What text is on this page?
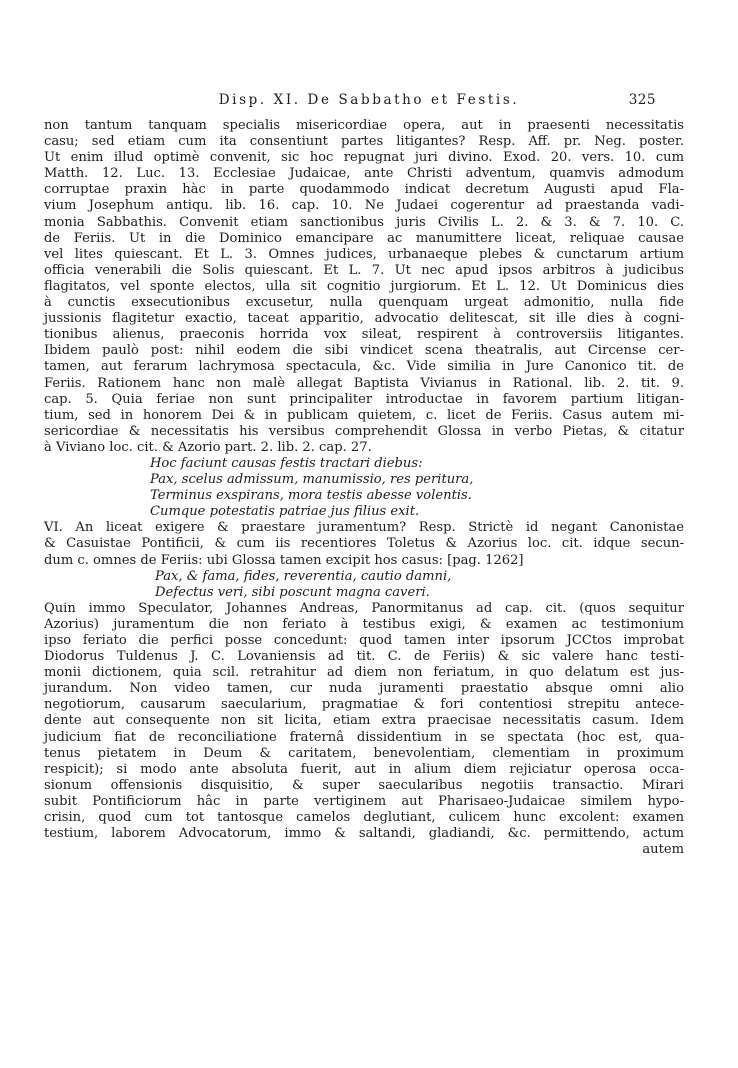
Disp. XI. De Sabbatho et Festis.	325
non tantum tanquam specialis misericordiae opera, aut in praesenti necessitatis
casu; sed etiam cum ita consentiunt partes litigantes? Resp. Aff. pr. Neg. poster.
Ut enim illud optimè convenit, sic hoc repugnat juri divino. Exod. 20. vers. 10. cum
Matth. 12. Luc. 13. Ecclesiae Judaicae, ante Christi adventum, quamvis admodum
corruptae praxin hàc in parte quodammodo indicat decretum Augusti apud Fla-
vium Josephum antiqu. lib. 16. cap. 10. Ne Judaei cogerentur ad praestanda vadi-
monia Sabbathis. Convenit etiam sanctionibus juris Civilis L. 2. & 3. & 7. 10. C.
de Feriis. Ut in die Dominico emancipare ac manumittere liceat, reliquae causae
vel lites quiescant. Et L. 3. Omnes judices, urbanaeque plebes & cunctarum artium
officia venerabili die Solis quiescant. Et L. 7. Ut nec apud ipsos arbitros à judicibus
flagitatos, vel sponte electos, ulla sit cognitio jurgiorum. Et L. 12. Ut Dominicus dies
à cunctis exsecutionibus excusetur, nulla quenquam urgeat admonitio, nulla fide
jussionis flagitetur exactio, taceat apparitio, advocatio delitescat, sit ille dies à cogni-
tionibus alienus, praeconis horrida vox sileat, respirent à controversiis litigantes.
Ibidem paulò post: nihil eodem die sibi vindicet scena theatralis, aut Circense cer-
tamen, aut ferarum lachrymosa spectacula, &c. Vide similia in Jure Canonico tit. de
Feriis. Rationem hanc non malè allegat Baptista Vivianus in Rational. lib. 2. tit. 9.
cap. 5. Quia feriae non sunt principaliter introductae in favorem partium litigan-
tium, sed in honorem Dei & in publicam quietem, c. licet de Feriis. Casus autem mi-
sericordiae & necessitatis his versibus comprehendit Glossa in verbo Pietas, & citatur
à Viviano loc. cit. & Azorio part. 2. lib. 2. cap. 27.
Hoc faciunt causas festis tractari diebus:
Pax, scelus admissum, manumissio, res peritura,
Terminus exspirans, mora testis abesse volentis.
Cumque potestatis patriae jus filius exit.
VI. An liceat exigere & praestare juramentum? Resp. Strictè id negant Canonistae
& Casuistae Pontificii, & cum iis recentiores Toletus & Azorius loc. cit. idque secun-
dum c. omnes de Feriis: ubi Glossa tamen excipit hos casus: [pag. 1262]
Pax, & fama, fides, reverentia, cautio damni,
Defectus veri, sibi poscunt magna caveri.
Quin immo Speculator, Johannes Andreas, Panormitanus ad cap. cit. (quos sequitur
Azorius) juramentum die non feriato à testibus exigi, & examen ac testimonium
ipso feriato die perfici posse concedunt: quod tamen inter ipsorum JCCtos improbat
Diodorus Tuldenus J. C. Lovaniensis ad tit. C. de Feriis) & sic valere hanc testi-
monii dictionem, quia scil. retrahitur ad diem non feriatum, in quo delatum est jus-
jurandum. Non video tamen, cur nuda juramenti praestatio absque omni alio
negotiorum, causarum saecularium, pragmatiae & fori contentiosi strepitu antece-
dente aut consequente non sit licita, etiam extra praecisae necessitatis casum. Idem
judicium fiat de reconciliatione fraternâ dissidentium in se spectata (hoc est, qua-
tenus pietatem in Deum & caritatem, benevolentiam, clementiam in proximum
respicit); si modo ante absoluta fuerit, aut in alium diem rejiciatur operosa occa-
sionum offensionis disquisitio, & super saecularibus negotiis transactio. Mirari
subit Pontificiorum hâc in parte vertiginem aut Pharisaeo-Judaicae similem hypo-
crisin, quod cum tot tantosque camelos deglutiant, culicem hunc excolent: examen
testium, laborem Advocatorum, immo & saltandi, gladiandi, &c. permittendo, actum
autem
